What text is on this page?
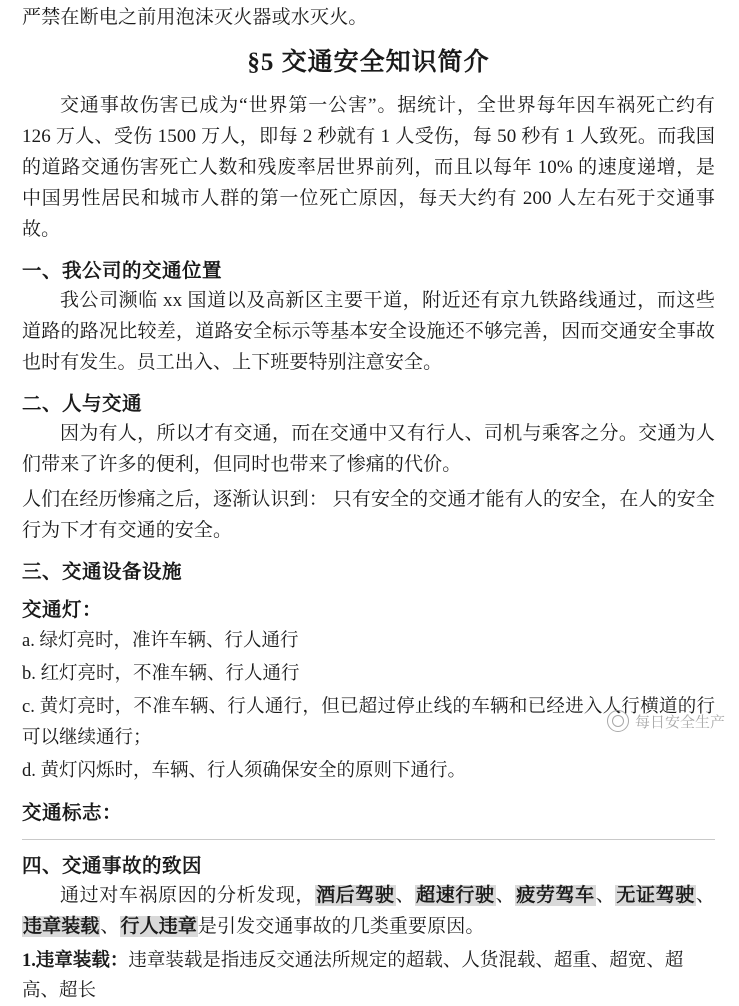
严禁在断电之前用泡沫灭火器或水灭火。
§5 交通安全知识简介

交通事故伤害已成为“世界第一公害”。据统计，全世界每年因车祸死亡约有 126 万人、受伤 1500 万人，即每 2 秒就有 1 人受伤，每 50 秒有 1 人致死。而我国的道路交通伤害死亡人数和残废率居世界前列，而且以每年 10% 的速度递增，是中国男性居民和城市人群的第一位死亡原因，每天大约有 200 人左右死于交通事故。

一、我公司的交通位置

我公司濒临 xx 国道以及高新区主要干道，附近还有京九铁路线通过，而这些道路的路况比较差，道路安全标示等基本安全设施还不够完善，因而交通安全事故也时有发生。员工出入、上下班要特别注意安全。

二、人与交通

因为有人，所以才有交通，而在交通中又有行人、司机与乘客之分。交通为人们带来了许多的便利，但同时也带来了惨痛的代价。

人们在经历惨痛之后，逐渐认识到： 只有安全的交通才能有人的安全，在人的安全行为下才有交通的安全。

三、交通设备设施
交通灯：

a. 绿灯亮时，准许车辆、行人通行

b. 红灯亮时，不准车辆、行人通行

c. 黄灯亮时，不准车辆、行人通行，但已超过停止线的车辆和已经进入人行横道的行可以继续通行；

d. 黄灯闪烁时，车辆、行人须确保安全的原则下通行。

交通标志：
四、交通事故的致因

通过对车祸原因的分析发现，酒后驾驶、超速行驶、疲劳驾车、无证驾驶、违章装载、行人违章是引发交通事故的几类重要原因。

1.违章装载：违章装载是指违反交通法所规定的超载、人货混载、超重、超宽、超高、超长

每日安全生产
